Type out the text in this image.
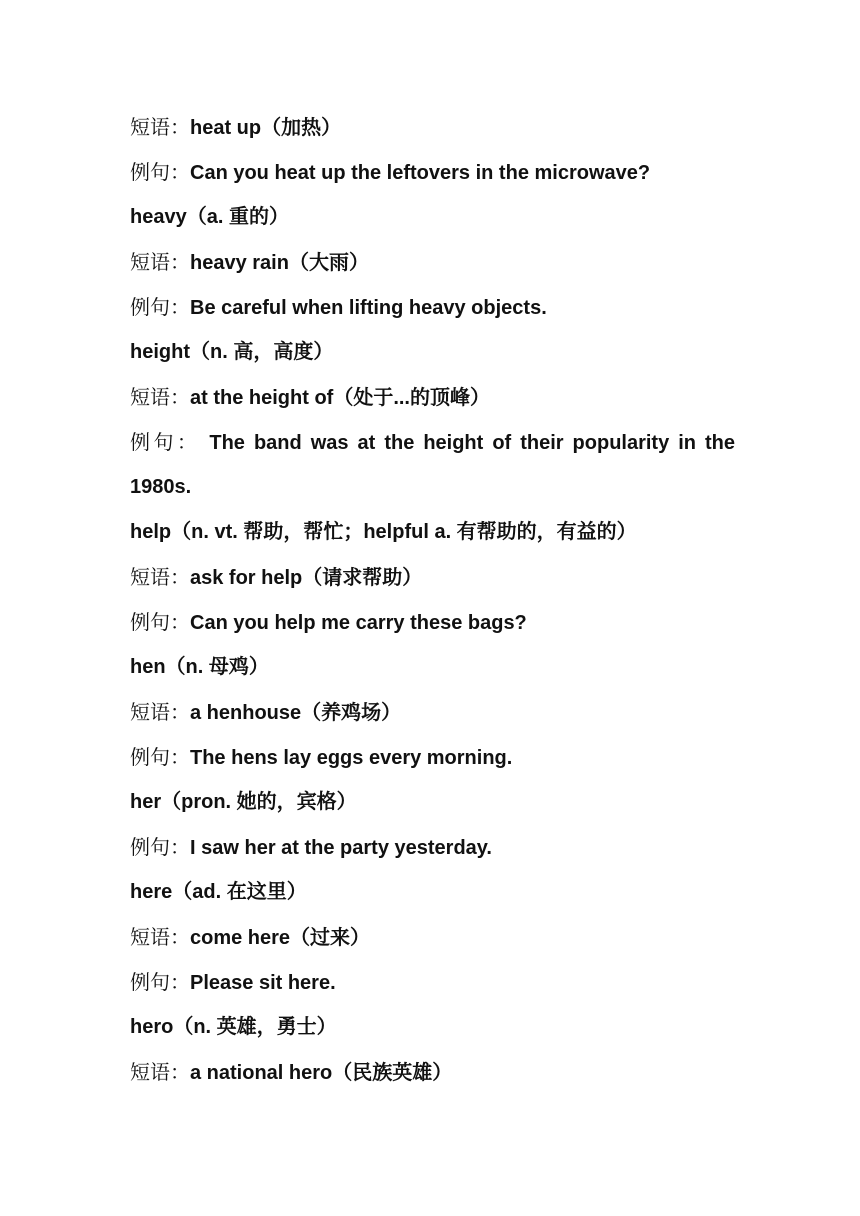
短语：heat up（加热）
例句：Can you heat up the leftovers in the microwave?
heavy（a. 重的）
短语：heavy rain（大雨）
例句：Be careful when lifting heavy objects.
height（n. 高，高度）
短语：at the height of（处于...的顶峰）
例句： The band was at the height of their popularity in the
1980s.
help（n. vt. 帮助，帮忙；helpful a. 有帮助的，有益的）
短语：ask for help（请求帮助）
例句：Can you help me carry these bags?
hen（n. 母鸡）
短语：a henhouse（养鸡场）
例句：The hens lay eggs every morning.
her（pron. 她的，宾格）
例句：I saw her at the party yesterday.
here（ad. 在这里）
短语：come here（过来）
例句：Please sit here.
hero（n. 英雄，勇士）
短语：a national hero（民族英雄）
